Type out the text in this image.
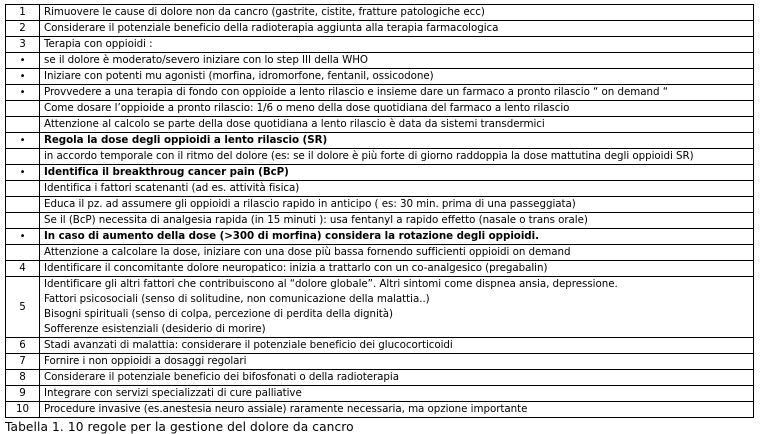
1	Rimuovere le cause di dolore non da cancro (gastrite, cistite, fratture patologiche ecc)
2	Considerare il potenziale beneficio della radioterapia aggiunta alla terapia farmacologica
3	Terapia con oppioidi :
•	se il dolore è moderato/severo iniziare con lo step III della WHO
•	Iniziare con potenti mu agonisti (morfina, idromorfone, fentanil, ossicodone)
•	Provvedere a una terapia di fondo con oppioide a lento rilascio e insieme dare un farmaco a pronto rilascio “ on demand “
	Come dosare l’oppioide a pronto rilascio: 1/6 o meno della dose quotidiana del farmaco a lento rilascio
	Attenzione al calcolo se parte della dose quotidiana a lento rilascio è data da sistemi transdermici
•	Regola la dose degli oppioidi a lento rilascio (SR)
	in accordo temporale con il ritmo del dolore (es: se il dolore è più forte di giorno raddoppia la dose mattutina degli oppioidi SR)
•	Identifica il breakthroug cancer pain (BcP)
	Identifica i fattori scatenanti (ad es. attività fisica)
	Educa il pz. ad assumere gli oppioidi a rilascio rapido in anticipo ( es: 30 min. prima di una passeggiata)
	Se il (BcP) necessita di analgesia rapida (in 15 minuti ): usa fentanyl a rapido effetto (nasale o trans orale)
•	In caso di aumento della dose (>300 di morfina) considera la rotazione degli oppioidi.
	Attenzione a calcolare la dose, iniziare con una dose più bassa fornendo sufficienti oppioidi on demand
4	Identificare il concomitante dolore neuropatico: inizia a trattarlo con un co-analgesico (pregabalin)
5	Identificare gli altri fattori che contribuiscono al “dolore globale”. Altri sintomi come dispnea ansia, depressione.
Fattori psicosociali (senso di solitudine, non comunicazione della malattia..)
Bisogni spirituali (senso di colpa, percezione di perdita della dignità)
Sofferenze esistenziali (desiderio di morire)

6	Stadi avanzati di malattia: considerare il potenziale beneficio dei glucocorticoidi
7	Fornire i non oppioidi a dosaggi regolari
8	Considerare il potenziale beneficio dei bifosfonati o della radioterapia
9	Integrare con servizi specializzati di cure palliative
10	Procedure invasive (es.anestesia neuro assiale) raramente necessaria, ma opzione importante
Tabella 1. 10 regole per la gestione del dolore da cancro
